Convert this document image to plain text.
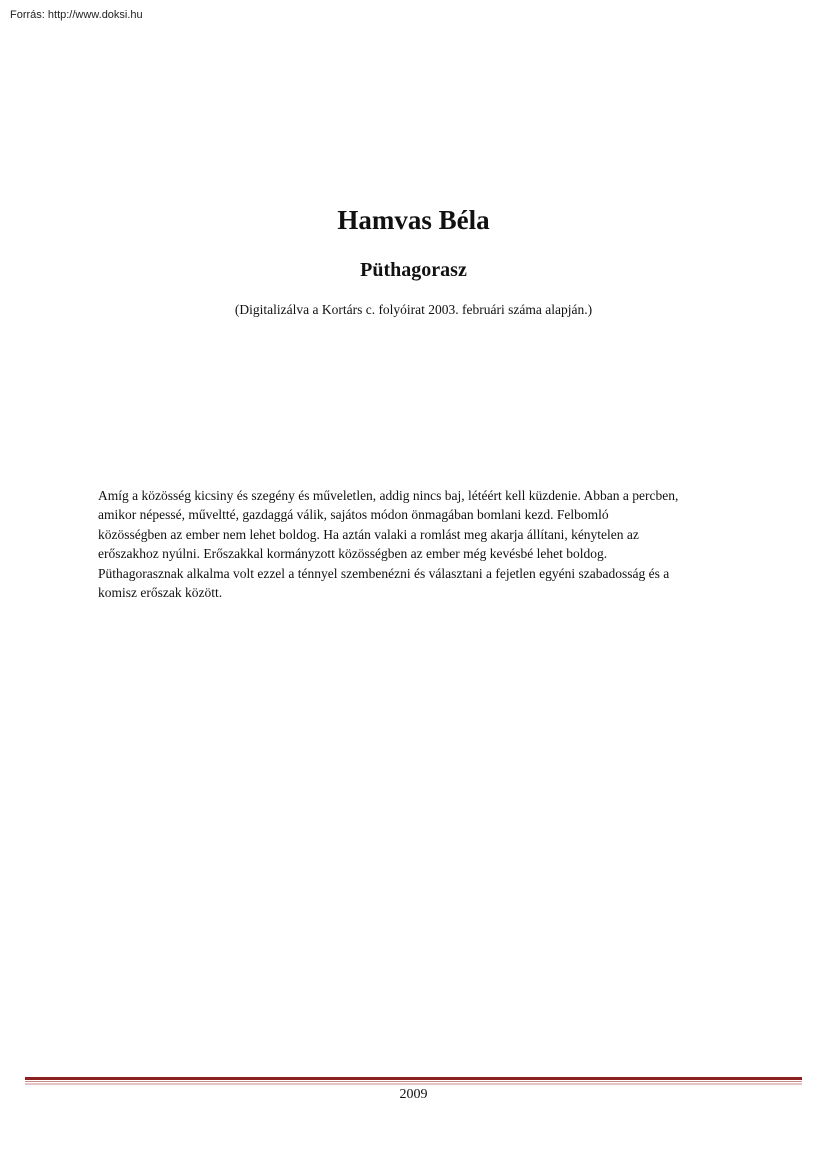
Forrás: http://www.doksi.hu
Hamvas Béla
Püthagorasz
(Digitalizálva a Kortárs c. folyóirat 2003. februári száma alapján.)
Amíg a közösség kicsiny és szegény és műveletlen, addig nincs baj, létéért kell küzdenie. Abban a percben,
amikor népessé, műveltté, gazdaggá válik, sajátos módon önmagában bomlani kezd. Felbomló
közösségben az ember nem lehet boldog. Ha aztán valaki a romlást meg akarja állítani, kénytelen az
erőszakhoz nyúlni. Erőszakkal kormányzott közösségben az ember még kevésbé lehet boldog.
Püthagorasznak alkalma volt ezzel a ténnyel szembenézni és választani a fejetlen egyéni szabadosság és a
komisz erőszak között.
2009
